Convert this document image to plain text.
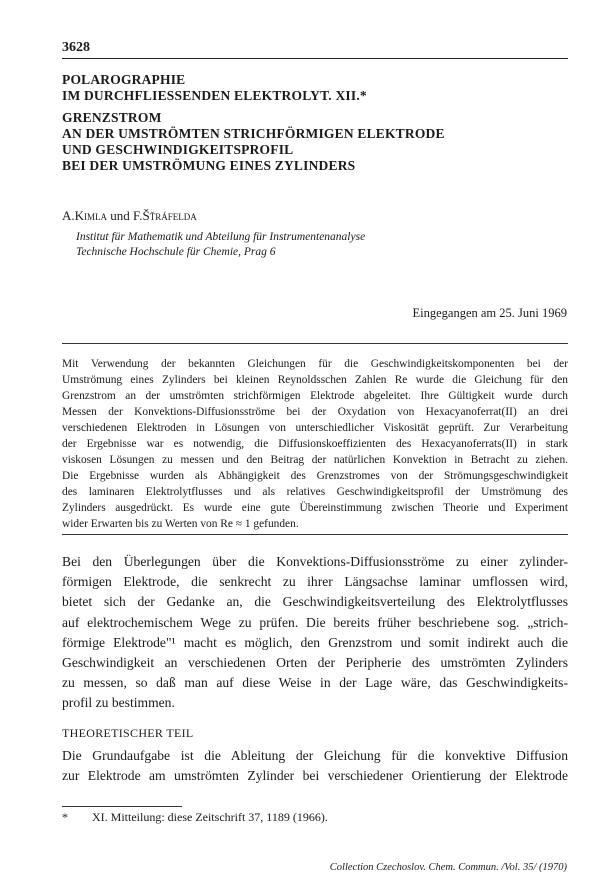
3628
POLAROGRAPHIE
IM DURCHFLIESSENDEN ELEKTROLYT. XII.*
GRENZSTROM
AN DER UMSTRÖMTEN STRICHFÖRMIGEN ELEKTRODE
UND GESCHWINDIGKEITSPROFIL
BEI DER UMSTRÖMUNG EINES ZYLINDERS
A.Kimla und F.Šťráfelda
Institut für Mathematik und Abteilung für Instrumentenanalyse
Technische Hochschule für Chemie, Prag 6
Eingegangen am 25. Juni 1969
Mit Verwendung der bekannten Gleichungen für die Geschwindigkeitskomponenten bei der
Umströmung eines Zylinders bei kleinen Reynoldsschen Zahlen Re wurde die Gleichung für den
Grenzstrom an der umströmten strichförmigen Elektrode abgeleitet. Ihre Gültigkeit wurde durch
Messen der Konvektions-Diffusionsströme bei der Oxydation von Hexacyanoferrat(II) an drei
verschiedenen Elektroden in Lösungen von unterschiedlicher Viskosität geprüft. Zur Verarbeitung
der Ergebnisse war es notwendig, die Diffusionskoeffizienten des Hexacyanoferrats(II) in stark
viskosen Lösungen zu messen und den Beitrag der natürlichen Konvektion in Betracht zu ziehen.
Die Ergebnisse wurden als Abhängigkeit des Grenzstromes von der Strömungsgeschwindigkeit
des laminaren Elektrolytflusses und als relatives Geschwindigkeitsprofil der Umströmung des
Zylinders ausgedrückt. Es wurde eine gute Übereinstimmung zwischen Theorie und Experiment
wider Erwarten bis zu Werten von Re ≈ 1 gefunden.
Bei den Überlegungen über die Konvektions-Diffusionsströme zu einer zylinder-
förmigen Elektrode, die senkrecht zu ihrer Längsachse laminar umflossen wird,
bietet sich der Gedanke an, die Geschwindigkeitsverteilung des Elektrolytflusses
auf elektrochemischem Wege zu prüfen. Die bereits früher beschriebene sog. „strich-
förmige Elektrode"¹ macht es möglich, den Grenzstrom und somit indirekt auch die
Geschwindigkeit an verschiedenen Orten der Peripherie des umströmten Zylinders
zu messen, so daß man auf diese Weise in der Lage wäre, das Geschwindigkeits-
profil zu bestimmen.
THEORETISCHER TEIL
Die Grundaufgabe ist die Ableitung der Gleichung für die konvektive Diffusion
zur Elektrode am umströmten Zylinder bei verschiedener Orientierung der Elektrode
* XI. Mitteilung: diese Zeitschrift 37, 1189 (1966).
Collection Czechoslov. Chem. Commun. /Vol. 35/ (1970)
